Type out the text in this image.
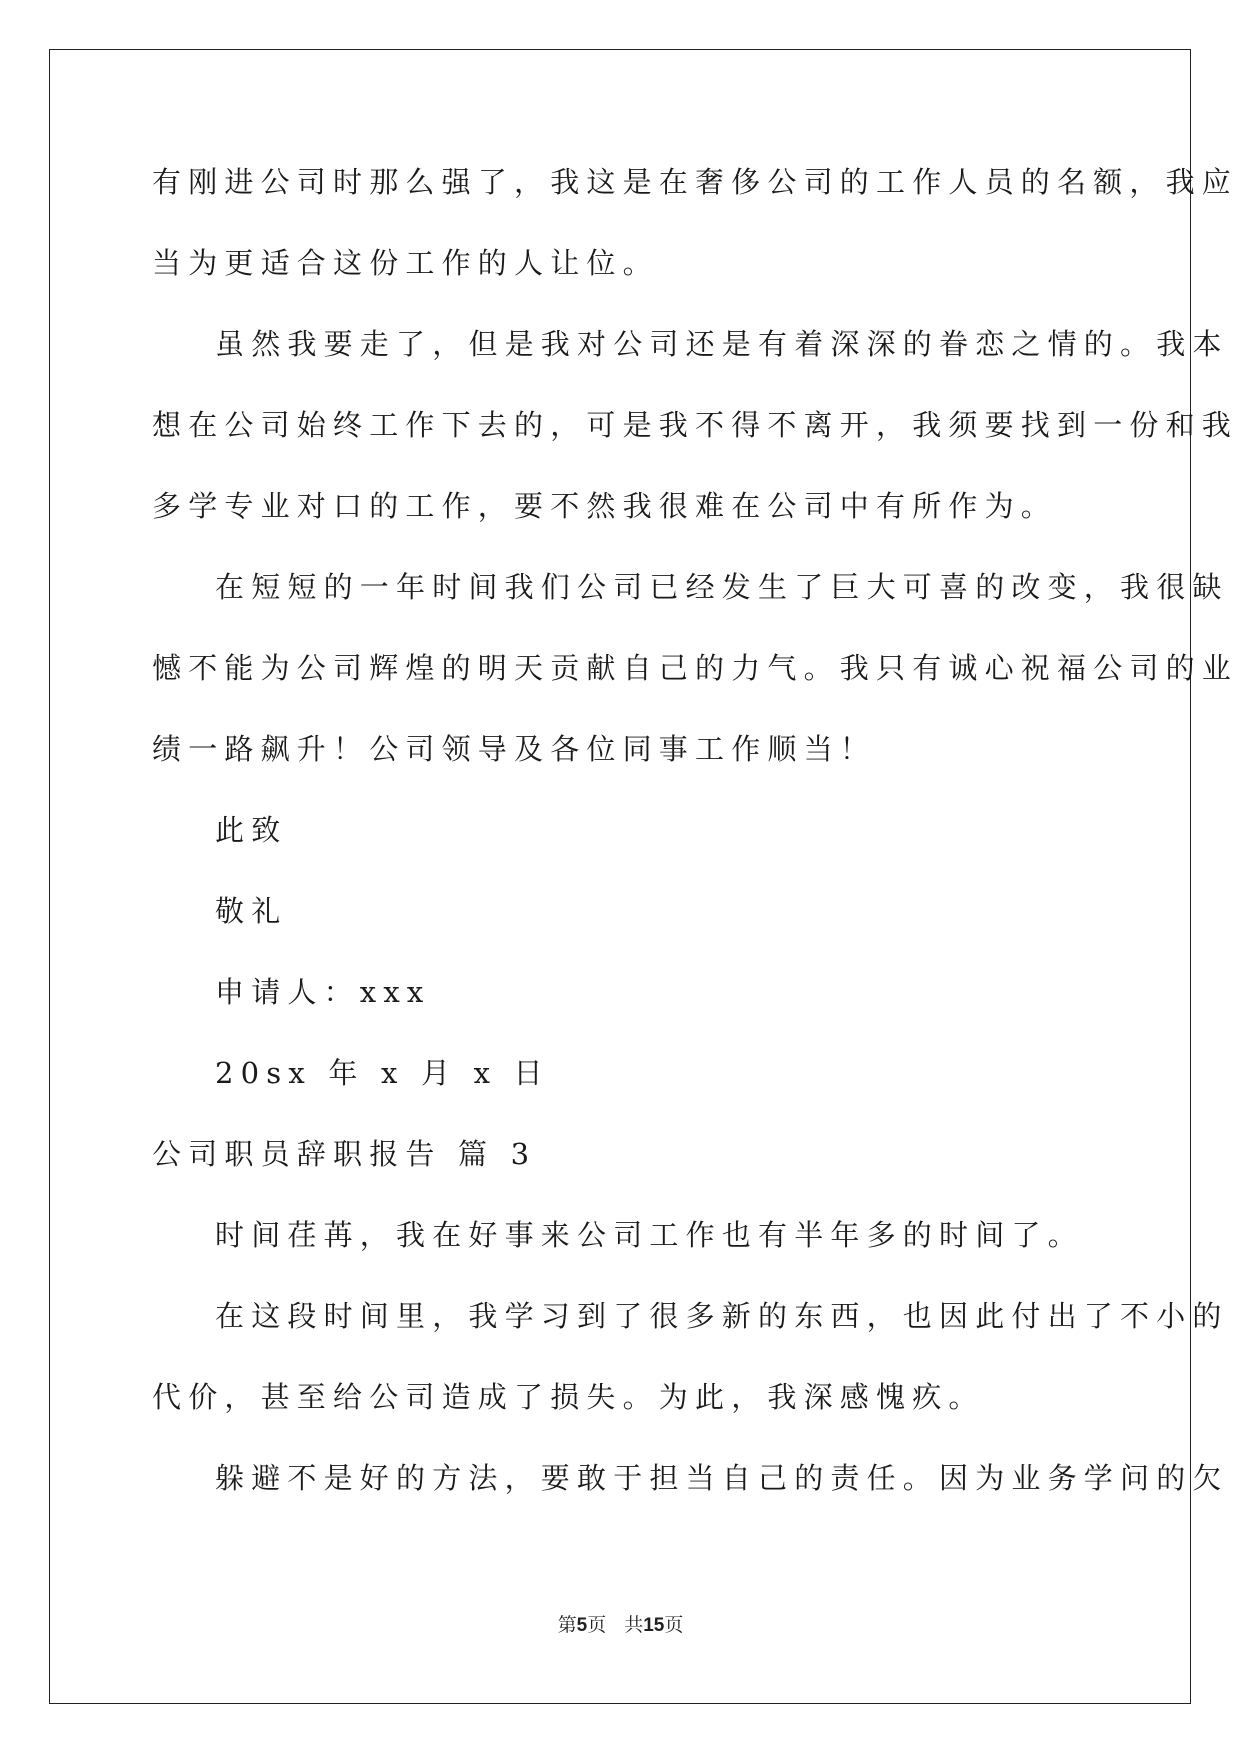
有刚进公司时那么强了，我这是在奢侈公司的工作人员的名额，我应
当为更适合这份工作的人让位。
虽然我要走了，但是我对公司还是有着深深的眷恋之情的。我本
想在公司始终工作下去的，可是我不得不离开，我须要找到一份和我
多学专业对口的工作，要不然我很难在公司中有所作为。
在短短的一年时间我们公司已经发生了巨大可喜的改变，我很缺
憾不能为公司辉煌的明天贡献自己的力气。我只有诚心祝福公司的业
绩一路飙升！公司领导及各位同事工作顺当！
此致
敬礼
申请人：xxx
20sx 年 x 月 x 日
公司职员辞职报告 篇 3
时间荏苒，我在好事来公司工作也有半年多的时间了。
在这段时间里，我学习到了很多新的东西，也因此付出了不小的
代价，甚至给公司造成了损失。为此，我深感愧疚。
躲避不是好的方法，要敢于担当自己的责任。因为业务学问的欠
第5页 共15页
